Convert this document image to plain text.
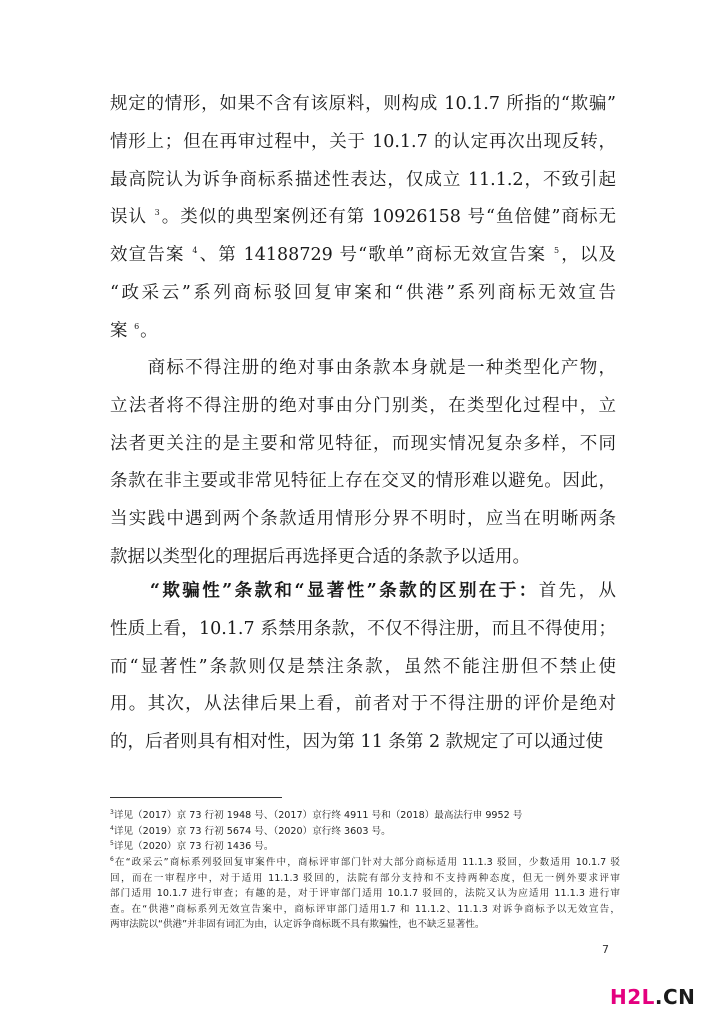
规定的情形，如果不含有该原料，则构成 10.1.7 所指的“欺骗”
情形上；但在再审过程中，关于 10.1.7 的认定再次出现反转，
最高院认为诉争商标系描述性表达，仅成立 11.1.2，不致引起
误认 $^3$。类似的典型案例还有第 10926158 号“鱼倍健”商标无
效宣告案 $^4$、第 14188729 号“歌单”商标无效宣告案 $^5$，以及
“政采云”系列商标驳回复审案和“供港”系列商标无效宣告
案 $^6$。
　　商标不得注册的绝对事由条款本身就是一种类型化产物，
立法者将不得注册的绝对事由分门别类，在类型化过程中，立
法者更关注的是主要和常见特征，而现实情况复杂多样，不同
条款在非主要或非常见特征上存在交叉的情形难以避免。因此，
当实践中遇到两个条款适用情形分界不明时，应当在明晰两条
款据以类型化的理据后再选择更合适的条款予以适用。
　　“欺骗性”条款和“显著性”条款的区别在于：首先，从
性质上看，10.1.7 系禁用条款，不仅不得注册，而且不得使用；
而“显著性”条款则仅是禁注条款，虽然不能注册但不禁止使
用。其次，从法律后果上看，前者对于不得注册的评价是绝对
的，后者则具有相对性，因为第 11 条第 2 款规定了可以通过使
$^3$详见（2017）京 73 行初 1948 号、（2017）京行终 4911 号和（2018）最高法行申 9952 号
$^4$详见（2019）京 73 行初 5674 号、（2020）京行终 3603 号。
$^5$详见（2020）京 73 行初 1436 号。
$^6$在“政采云”商标系列驳回复审案件中，商标评审部门针对大部分商标适用 11.1.3 驳回，少数适用 10.1.7 驳
回，而在一审程序中，对于适用 11.1.3 驳回的，法院有部分支持和不支持两种态度，但无一例外要求评审
部门适用 10.1.7 进行审查；有趣的是，对于评审部门适用 10.1.7 驳回的，法院又认为应适用 11.1.3 进行审
查。在“供港”商标系列无效宣告案中，商标评审部门适用1.7 和 11.1.2、11.1.3 对诉争商标予以无效宣告，
两审法院以“供港”并非固有词汇为由，认定诉争商标既不具有欺骗性，也不缺乏显著性。
7
H2L.CN
